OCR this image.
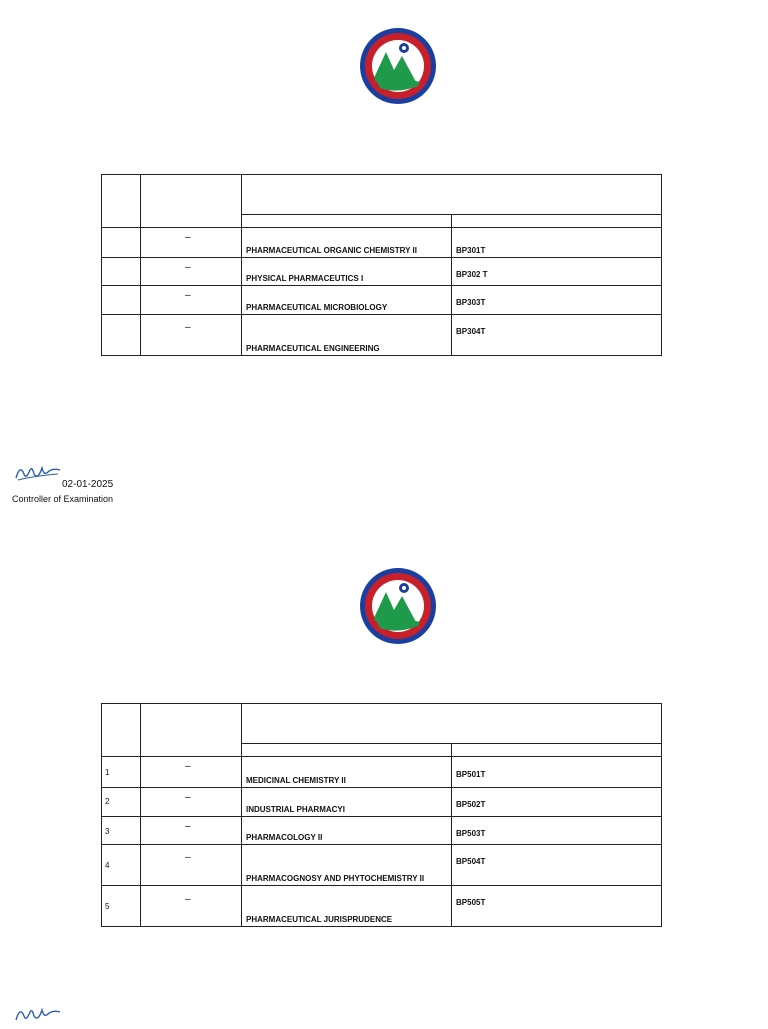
	–	PHARMACEUTICAL ORGANIC CHEMISTRY II	BP301T

	–	PHYSICAL PHARMACEUTICS I	BP302 T

	–	PHARMACEUTICAL MICROBIOLOGY	BP303T

	–	PHARMACEUTICAL ENGINEERING	BP304T
02-01-2025
Controller of Examination

1	–	MEDICINAL CHEMISTRY II	BP501T

2	–	INDUSTRIAL PHARMACYI	BP502T

3	–	PHARMACOLOGY II	BP503T

4	–	PHARMACOGNOSY AND PHYTOCHEMISTRY II	BP504T

5	–	PHARMACEUTICAL JURISPRUDENCE	BP505T
